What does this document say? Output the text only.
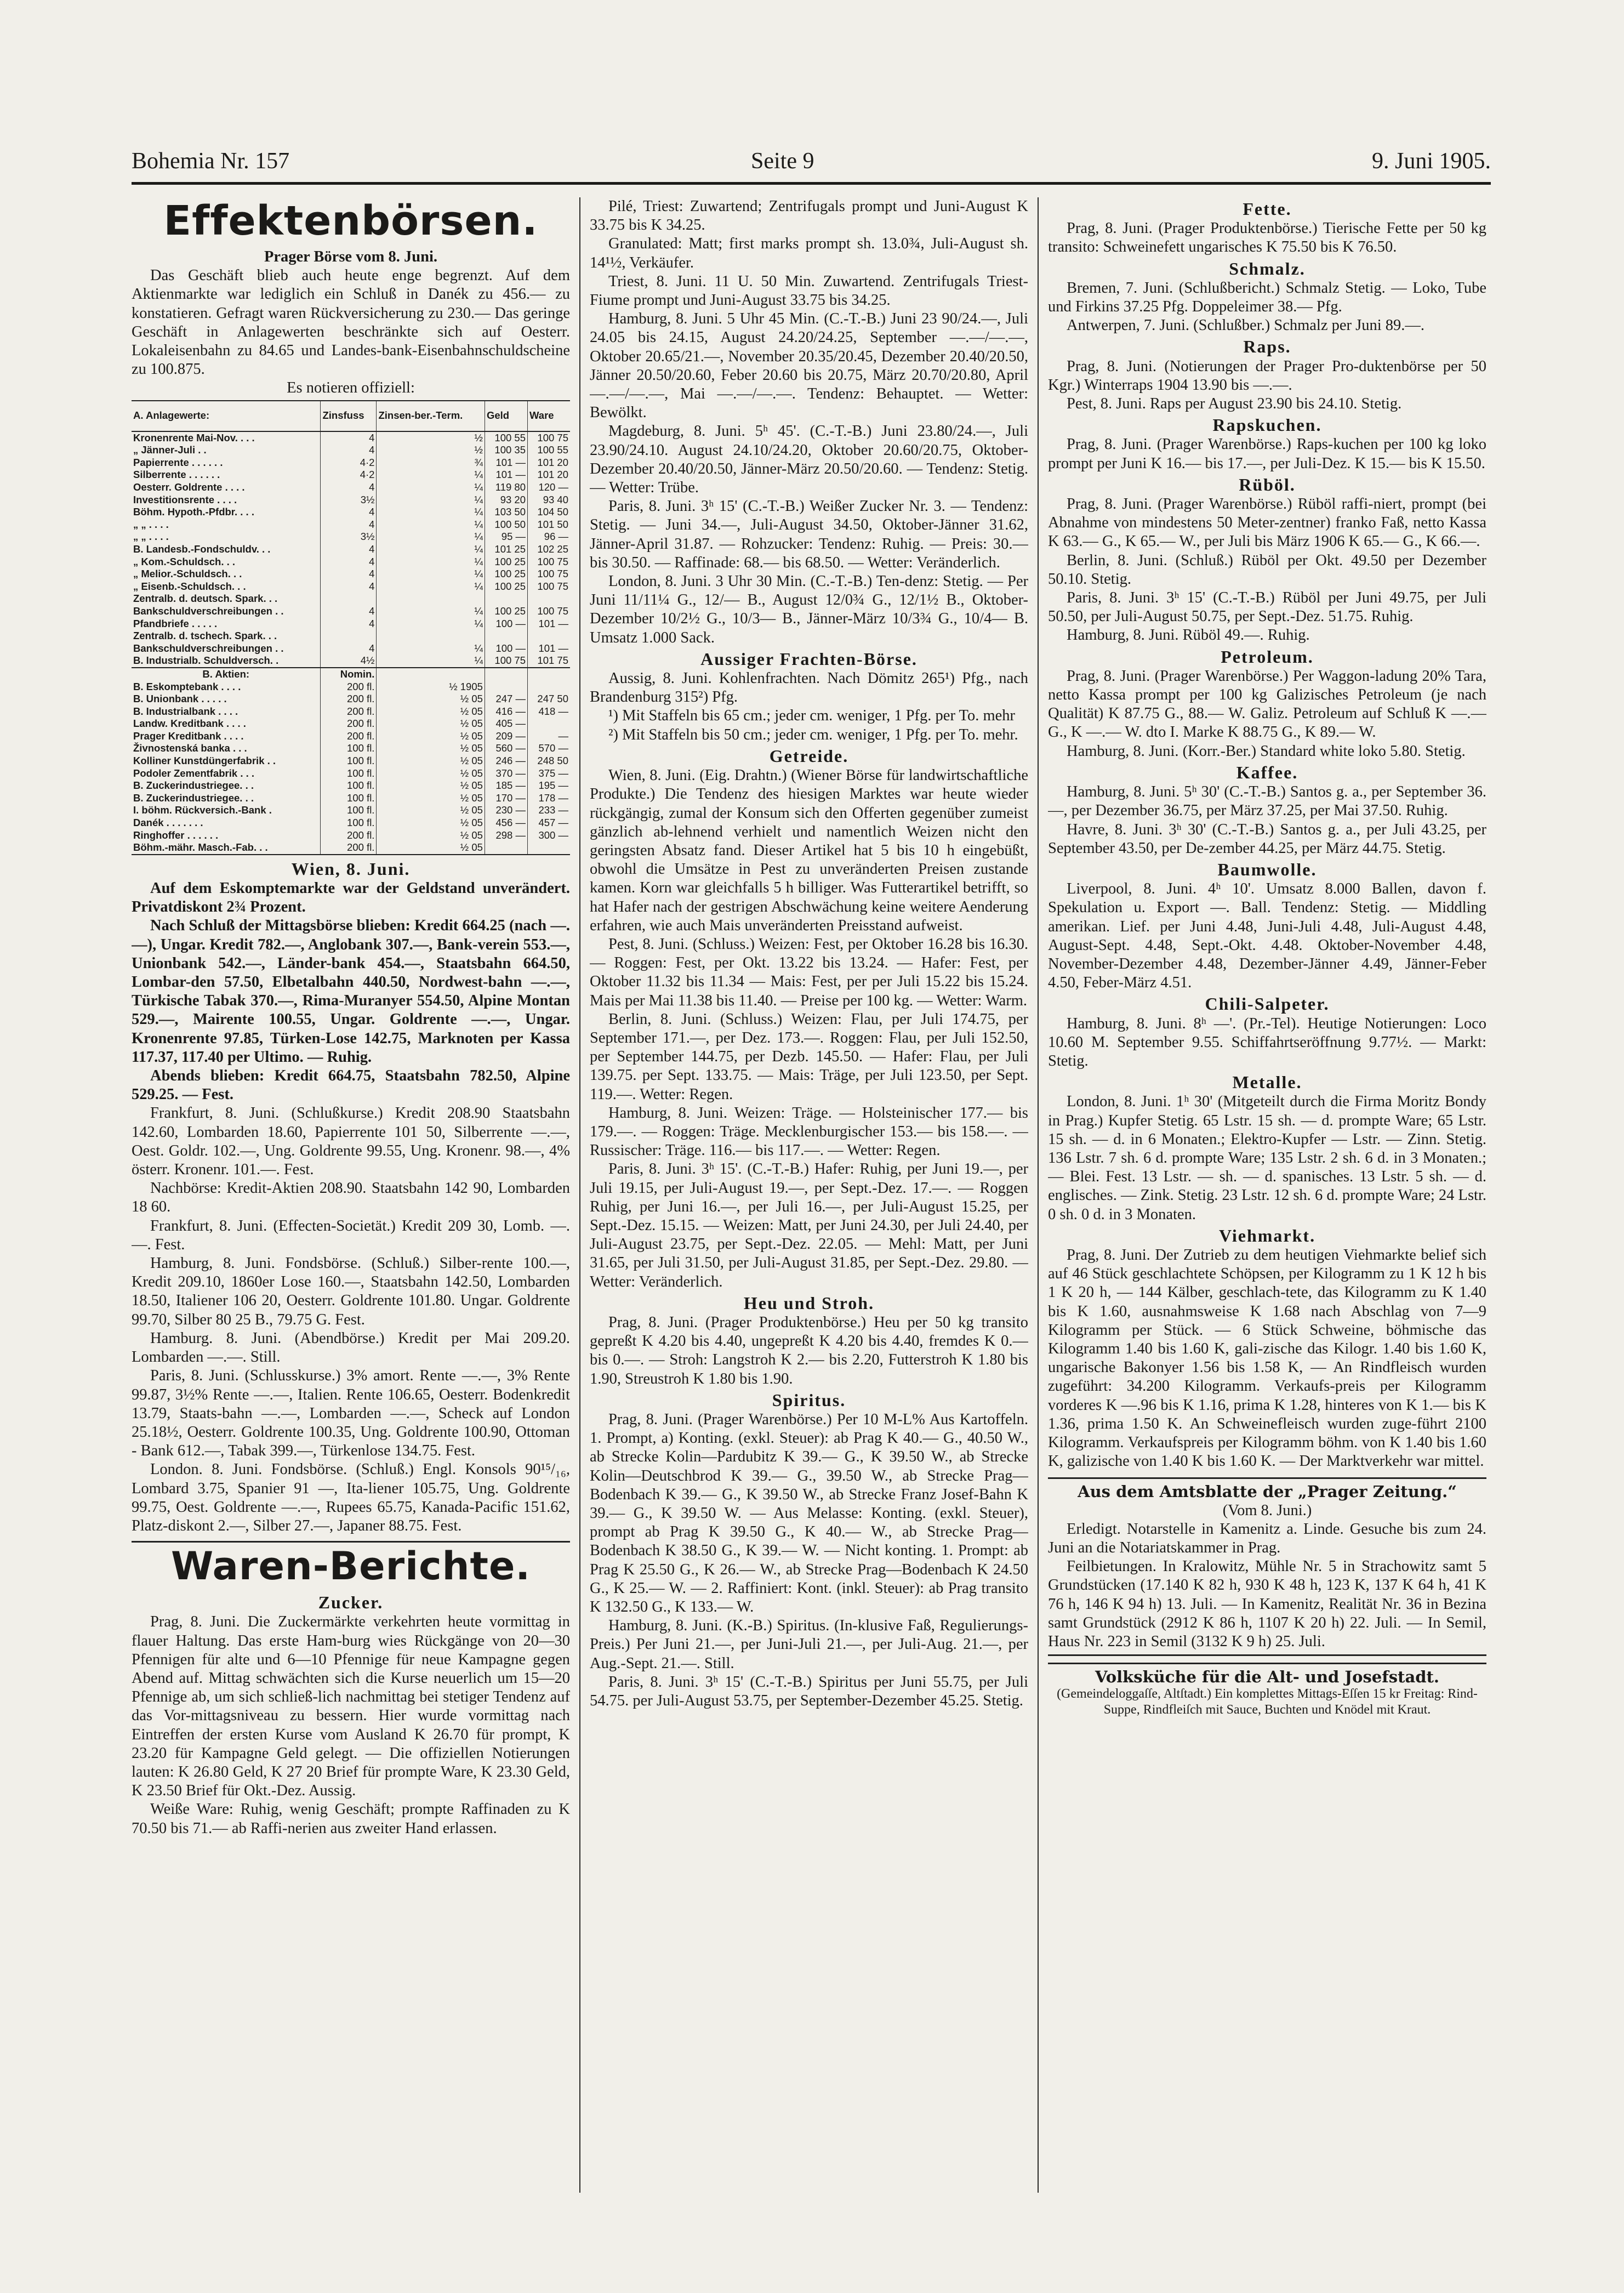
Bohemia Nr. 157	Seite 9	9. Juni 1905.
Effektenbörsen.

Prager Börse vom 8. Juni.

Das Geschäft blieb auch heute enge begrenzt. Auf dem Aktienmarkte war lediglich ein Schluß in Danék zu 456.— zu konstatieren. Gefragt waren Rückversicherung zu 230.— Das geringe Geschäft in Anlagewerten beschränkte sich auf Oesterr. Lokaleisenbahn zu 84.65 und Landes-bank-Eisenbahnschuldscheine zu 100.875.

Es notieren offiziell:

A. Anlagewerte:	Zinsfuss	Zinsen-ber.-Term.	Geld	Ware
Kronenrente Mai-Nov. . . .	4	½	100 55	100 75
„ Jänner-Juli . .	4	½	100 35	100 55
Papierrente . . . . . .	4·2	¾	101 —	101 20
Silberrente . . . . . .	4·2	¼	101 —	101 20
Oesterr. Goldrente . . . .	4	¼	119 80	120 —
Investitionsrente . . . .	3½	¼	93 20	93 40
Böhm. Hypoth.-Pfdbr. . . .	4	¼	103 50	104 50
„ „ . . . .	4	¼	100 50	101 50
„ „ . . . .	3½	¼	95 —	96 —
B. Landesb.-Fondschuldv. . .	4	¼	101 25	102 25
„ Kom.-Schuldsch. . .	4	¼	100 25	100 75
„ Melior.-Schuldsch. . .	4	¼	100 25	100 75
„ Eisenb.-Schuldsch. . .	4	¼	100 25	100 75
Zentralb. d. deutsch. Spark. . .				
Bankschuldverschreibungen . .	4	¼	100 25	100 75
Pfandbriefe . . . . .	4	¼	100 —	101 —
Zentralb. d. tschech. Spark. . .				
Bankschuldverschreibungen . .	4	¼	100 —	101 —
B. Industrialb. Schuldversch. .	4½	¼	100 75	101 75
B. Aktien:	Nomin.			
B. Eskomptebank . . . .	200 fl.	½ 1905		
B. Unionbank . . . . .	200 fl.	½ 05	247 —	247 50
B. Industrialbank . . . .	200 fl.	½ 05	416 —	418 —
Landw. Kreditbank . . . .	200 fl.	½ 05	405 —	
Prager Kreditbank . . . .	200 fl.	½ 05	209 —	—
Živnostenská banka . . .	100 fl.	½ 05	560 —	570 —
Kolliner Kunstdüngerfabrik . .	100 fl.	½ 05	246 —	248 50
Podoler Zementfabrik . . .	100 fl.	½ 05	370 —	375 —
B. Zuckerindustriegee. . .	100 fl.	½ 05	185 —	195 —
B. Zuckerindustriegee. . .	100 fl.	½ 05	170 —	178 —
I. böhm. Rückversich.-Bank .	100 fl.	½ 05	230 —	233 —
Danék . . . . . . .	100 fl.	½ 05	456 —	457 —
Ringhoffer . . . . . .	200 fl.	½ 05	298 —	300 —
Böhm.-mähr. Masch.-Fab. . .	200 fl.	½ 05		
Wien, 8. Juni.

Auf dem Eskomptemarkte war der Geldstand unverändert. Privatdiskont 2¾ Prozent.

Nach Schluß der Mittagsbörse blieben: Kredit 664.25 (nach —.—), Ungar. Kredit 782.—, Anglobank 307.—, Bank-verein 553.—, Unionbank 542.—, Länder-bank 454.—, Staatsbahn 664.50, Lombar-den 57.50, Elbetalbahn 440.50, Nordwest-bahn —.—, Türkische Tabak 370.—, Rima-Muranyer 554.50, Alpine Montan 529.—, Mairente 100.55, Ungar. Goldrente —.—, Ungar. Kronenrente 97.85, Türken-Lose 142.75, Marknoten per Kassa 117.37, 117.40 per Ultimo. — Ruhig.

Abends blieben: Kredit 664.75, Staatsbahn 782.50, Alpine 529.25. — Fest.

Frankfurt, 8. Juni. (Schlußkurse.) Kredit 208.90 Staatsbahn 142.60, Lombarden 18.60, Papierrente 101 50, Silberrente —.—, Oest. Goldr. 102.—, Ung. Goldrente 99.55, Ung. Kronenr. 98.—, 4% österr. Kronenr. 101.—. Fest.

Nachbörse: Kredit-Aktien 208.90. Staatsbahn 142 90, Lombarden 18 60.

Frankfurt, 8. Juni. (Effecten-Societät.) Kredit 209 30, Lomb. —.—. Fest.

Hamburg, 8. Juni. Fondsbörse. (Schluß.) Silber-rente 100.—, Kredit 209.10, 1860er Lose 160.—, Staatsbahn 142.50, Lombarden 18.50, Italiener 106 20, Oesterr. Goldrente 101.80. Ungar. Goldrente 99.70, Silber 80 25 B., 79.75 G. Fest.

Hamburg. 8. Juni. (Abendbörse.) Kredit per Mai 209.20. Lombarden —.—. Still.

Paris, 8. Juni. (Schlusskurse.) 3% amort. Rente —.—, 3% Rente 99.87, 3½% Rente —.—, Italien. Rente 106.65, Oesterr. Bodenkredit 13.79, Staats-bahn —.—, Lombarden —.—, Scheck auf London 25.18½, Oesterr. Goldrente 100.35, Ung. Goldrente 100.90, Ottoman - Bank 612.—, Tabak 399.—, Türkenlose 134.75. Fest.

London. 8. Juni. Fondsbörse. (Schluß.) Engl. Konsols 90¹⁵/₁₆, Lombard 3.75, Spanier 91 —, Ita-liener 105.75, Ung. Goldrente 99.75, Oest. Goldrente —.—, Rupees 65.75, Kanada-Pacific 151.62, Platz-diskont 2.—, Silber 27.—, Japaner 88.75. Fest.

Waren-Berichte.
Zucker.

Prag, 8. Juni. Die Zuckermärkte verkehrten heute vormittag in flauer Haltung. Das erste Ham-burg wies Rückgänge von 20—30 Pfennigen für alte und 6—10 Pfennige für neue Kampagne gegen Abend auf. Mittag schwächten sich die Kurse neuerlich um 15—20 Pfennige ab, um sich schließ-lich nachmittag bei stetiger Tendenz auf das Vor-mittagsniveau zu bessern. Hier wurde vormittag nach Eintreffen der ersten Kurse vom Ausland K 26.70 für prompt, K 23.20 für Kampagne Geld gelegt. — Die offiziellen Notierungen lauten: K 26.80 Geld, K 27 20 Brief für prompte Ware, K 23.30 Geld, K 23.50 Brief für Okt.-Dez. Aussig.

Weiße Ware: Ruhig, wenig Geschäft; prompte Raffinaden zu K 70.50 bis 71.— ab Raffi-nerien aus zweiter Hand erlassen.

Pilé, Triest: Zuwartend; Zentrifugals prompt und Juni-August K 33.75 bis K 34.25.

Granulated: Matt; first marks prompt sh. 13.0¾, Juli-August sh. 14¹½, Verkäufer.

Triest, 8. Juni. 11 U. 50 Min. Zuwartend. Zentrifugals Triest-Fiume prompt und Juni-August 33.75 bis 34.25.

Hamburg, 8. Juni. 5 Uhr 45 Min. (C.-T.-B.) Juni 23 90/24.—, Juli 24.05 bis 24.15, August 24.20/24.25, September —.—/—.—, Oktober 20.65/21.—, November 20.35/20.45, Dezember 20.40/20.50, Jänner 20.50/20.60, Feber 20.60 bis 20.75, März 20.70/20.80, April —.—/—.—, Mai —.—/—.—. Tendenz: Behauptet. — Wetter: Bewölkt.

Magdeburg, 8. Juni. 5ʰ 45'. (C.-T.-B.) Juni 23.80/24.—, Juli 23.90/24.10. August 24.10/24.20, Oktober 20.60/20.75, Oktober-Dezember 20.40/20.50, Jänner-März 20.50/20.60. — Tendenz: Stetig. — Wetter: Trübe.

Paris, 8. Juni. 3ʰ 15' (C.-T.-B.) Weißer Zucker Nr. 3. — Tendenz: Stetig. — Juni 34.—, Juli-August 34.50, Oktober-Jänner 31.62, Jänner-April 31.87. — Rohzucker: Tendenz: Ruhig. — Preis: 30.— bis 30.50. — Raffinade: 68.— bis 68.50. — Wetter: Veränderlich.

London, 8. Juni. 3 Uhr 30 Min. (C.-T.-B.) Ten-denz: Stetig. — Per Juni 11/11¼ G., 12/— B., August 12/0¾ G., 12/1½ B., Oktober-Dezember 10/2½ G., 10/3— B., Jänner-März 10/3¾ G., 10/4— B. Umsatz 1.000 Sack.

Aussiger Frachten-Börse.

Aussig, 8. Juni. Kohlenfrachten. Nach Dömitz 265¹) Pfg., nach Brandenburg 315²) Pfg.

¹) Mit Staffeln bis 65 cm.; jeder cm. weniger, 1 Pfg. per To. mehr

²) Mit Staffeln bis 50 cm.; jeder cm. weniger, 1 Pfg. per To. mehr.

Getreide.

Wien, 8. Juni. (Eig. Drahtn.) (Wiener Börse für landwirtschaftliche Produkte.) Die Tendenz des hiesigen Marktes war heute wieder rückgängig, zumal der Konsum sich den Offerten gegenüber zumeist gänzlich ab-lehnend verhielt und namentlich Weizen nicht den geringsten Absatz fand. Dieser Artikel hat 5 bis 10 h eingebüßt, obwohl die Umsätze in Pest zu unveränderten Preisen zustande kamen. Korn war gleichfalls 5 h billiger. Was Futterartikel betrifft, so hat Hafer nach der gestrigen Abschwächung keine weitere Aenderung erfahren, wie auch Mais unveränderten Preisstand aufweist.

Pest, 8. Juni. (Schluss.) Weizen: Fest, per Oktober 16.28 bis 16.30. — Roggen: Fest, per Okt. 13.22 bis 13.24. — Hafer: Fest, per Oktober 11.32 bis 11.34 — Mais: Fest, per per Juli 15.22 bis 15.24. Mais per Mai 11.38 bis 11.40. — Preise per 100 kg. — Wetter: Warm.

Berlin, 8. Juni. (Schluss.) Weizen: Flau, per Juli 174.75, per September 171.—, per Dez. 173.—. Roggen: Flau, per Juli 152.50, per September 144.75, per Dezb. 145.50. — Hafer: Flau, per Juli 139.75. per Sept. 133.75. — Mais: Träge, per Juli 123.50, per Sept. 119.—. Wetter: Regen.

Hamburg, 8. Juni. Weizen: Träge. — Holsteinischer 177.— bis 179.—. — Roggen: Träge. Mecklenburgischer 153.— bis 158.—. — Russischer: Träge. 116.— bis 117.—. — Wetter: Regen.

Paris, 8. Juni. 3ʰ 15'. (C.-T.-B.) Hafer: Ruhig, per Juni 19.—, per Juli 19.15, per Juli-August 19.—, per Sept.-Dez. 17.—. — Roggen Ruhig, per Juni 16.—, per Juli 16.—, per Juli-August 15.25, per Sept.-Dez. 15.15. — Weizen: Matt, per Juni 24.30, per Juli 24.40, per Juli-August 23.75, per Sept.-Dez. 22.05. — Mehl: Matt, per Juni 31.65, per Juli 31.50, per Juli-August 31.85, per Sept.-Dez. 29.80. — Wetter: Veränderlich.

Heu und Stroh.

Prag, 8. Juni. (Prager Produktenbörse.) Heu per 50 kg transito gepreßt K 4.20 bis 4.40, ungepreßt K 4.20 bis 4.40, fremdes K 0.— bis 0.—. — Stroh: Langstroh K 2.— bis 2.20, Futterstroh K 1.80 bis 1.90, Streustroh K 1.80 bis 1.90.

Spiritus.

Prag, 8. Juni. (Prager Warenbörse.) Per 10 M-L% Aus Kartoffeln. 1. Prompt, a) Konting. (exkl. Steuer): ab Prag K 40.— G., 40.50 W., ab Strecke Kolin—Pardubitz K 39.— G., K 39.50 W., ab Strecke Kolin—Deutschbrod K 39.— G., 39.50 W., ab Strecke Prag—Bodenbach K 39.— G., K 39.50 W., ab Strecke Franz Josef-Bahn K 39.— G., K 39.50 W. — Aus Melasse: Konting. (exkl. Steuer), prompt ab Prag K 39.50 G., K 40.— W., ab Strecke Prag—Bodenbach K 38.50 G., K 39.— W. — Nicht konting. 1. Prompt: ab Prag K 25.50 G., K 26.— W., ab Strecke Prag—Bodenbach K 24.50 G., K 25.— W. — 2. Raffiniert: Kont. (inkl. Steuer): ab Prag transito K 132.50 G., K 133.— W.

Hamburg, 8. Juni. (K.-B.) Spiritus. (In-klusive Faß, Regulierungs-Preis.) Per Juni 21.—, per Juni-Juli 21.—, per Juli-Aug. 21.—, per Aug.-Sept. 21.—. Still.

Paris, 8. Juni. 3ʰ 15' (C.-T.-B.) Spiritus per Juni 55.75, per Juli 54.75. per Juli-August 53.75, per September-Dezember 45.25. Stetig.

Fette.

Prag, 8. Juni. (Prager Produktenbörse.) Tierische Fette per 50 kg transito: Schweinefett ungarisches K 75.50 bis K 76.50.

Schmalz.

Bremen, 7. Juni. (Schlußbericht.) Schmalz Stetig. — Loko, Tube und Firkins 37.25 Pfg. Doppeleimer 38.— Pfg.

Antwerpen, 7. Juni. (Schlußber.) Schmalz per Juni 89.—.

Raps.

Prag, 8. Juni. (Notierungen der Prager Pro-duktenbörse per 50 Kgr.) Winterraps 1904 13.90 bis —.—.

Pest, 8. Juni. Raps per August 23.90 bis 24.10. Stetig.

Rapskuchen.

Prag, 8. Juni. (Prager Warenbörse.) Raps-kuchen per 100 kg loko prompt per Juni K 16.— bis 17.—, per Juli-Dez. K 15.— bis K 15.50.

Rüböl.

Prag, 8. Juni. (Prager Warenbörse.) Rüböl raffi-niert, prompt (bei Abnahme von mindestens 50 Meter-zentner) franko Faß, netto Kassa K 63.— G., K 65.— W., per Juli bis März 1906 K 65.— G., K 66.—.

Berlin, 8. Juni. (Schluß.) Rüböl per Okt. 49.50 per Dezember 50.10. Stetig.

Paris, 8. Juni. 3ʰ 15' (C.-T.-B.) Rüböl per Juni 49.75, per Juli 50.50, per Juli-August 50.75, per Sept.-Dez. 51.75. Ruhig.

Hamburg, 8. Juni. Rüböl 49.—. Ruhig.

Petroleum.

Prag, 8. Juni. (Prager Warenbörse.) Per Waggon-ladung 20% Tara, netto Kassa prompt per 100 kg Galizisches Petroleum (je nach Qualität) K 87.75 G., 88.— W. Galiz. Petroleum auf Schluß K —.— G., K —.— W. dto I. Marke K 88.75 G., K 89.— W.

Hamburg, 8. Juni. (Korr.-Ber.) Standard white loko 5.80. Stetig.

Kaffee.

Hamburg, 8. Juni. 5ʰ 30' (C.-T.-B.) Santos g. a., per September 36.—, per Dezember 36.75, per März 37.25, per Mai 37.50. Ruhig.

Havre, 8. Juni. 3ʰ 30' (C.-T.-B.) Santos g. a., per Juli 43.25, per September 43.50, per De-zember 44.25, per März 44.75. Stetig.

Baumwolle.

Liverpool, 8. Juni. 4ʰ 10'. Umsatz 8.000 Ballen, davon f. Spekulation u. Export —. Ball. Tendenz: Stetig. — Middling amerikan. Lief. per Juni 4.48, Juni-Juli 4.48, Juli-August 4.48, August-Sept. 4.48, Sept.-Okt. 4.48. Oktober-November 4.48, November-Dezember 4.48, Dezember-Jänner 4.49, Jänner-Feber 4.50, Feber-März 4.51.

Chili-Salpeter.

Hamburg, 8. Juni. 8ʰ —'. (Pr.-Tel). Heutige Notierungen: Loco 10.60 M. September 9.55. Schiffahrtseröffnung 9.77½. — Markt: Stetig.

Metalle.

London, 8. Juni. 1ʰ 30' (Mitgeteilt durch die Firma Moritz Bondy in Prag.) Kupfer Stetig. 65 Lstr. 15 sh. — d. prompte Ware; 65 Lstr. 15 sh. — d. in 6 Monaten.; Elektro-Kupfer — Lstr. — Zinn. Stetig. 136 Lstr. 7 sh. 6 d. prompte Ware; 135 Lstr. 2 sh. 6 d. in 3 Monaten.; — Blei. Fest. 13 Lstr. — sh. — d. spanisches. 13 Lstr. 5 sh. — d. englisches. — Zink. Stetig. 23 Lstr. 12 sh. 6 d. prompte Ware; 24 Lstr. 0 sh. 0 d. in 3 Monaten.

Viehmarkt.

Prag, 8. Juni. Der Zutrieb zu dem heutigen Viehmarkte belief sich auf 46 Stück geschlachtete Schöpsen, per Kilogramm zu 1 K 12 h bis 1 K 20 h, — 144 Kälber, geschlach-tete, das Kilogramm zu K 1.40 bis K 1.60, ausnahmsweise K 1.68 nach Abschlag von 7—9 Kilogramm per Stück. — 6 Stück Schweine, böhmische das Kilogramm 1.40 bis 1.60 K, gali-zische das Kilogr. 1.40 bis 1.60 K, ungarische Bakonyer 1.56 bis 1.58 K, — An Rindfleisch wurden zugeführt: 34.200 Kilogramm. Verkaufs-preis per Kilogramm vorderes K —.96 bis K 1.16, prima K 1.28, hinteres von K 1.— bis K 1.36, prima 1.50 K. An Schweinefleisch wurden zuge-führt 2100 Kilogramm. Verkaufspreis per Kilogramm böhm. von K 1.40 bis 1.60 K, galizische von 1.40 K bis 1.60 K. — Der Marktverkehr war mittel.

Aus dem Amtsblatte der „Prager Zeitung.“

(Vom 8. Juni.)

Erledigt. Notarstelle in Kamenitz a. Linde. Gesuche bis zum 24. Juni an die Notariatskammer in Prag.

Feilbietungen. In Kralowitz, Mühle Nr. 5 in Strachowitz samt 5 Grundstücken (17.140 K 82 h, 930 K 48 h, 123 K, 137 K 64 h, 41 K 76 h, 146 K 94 h) 13. Juli. — In Kamenitz, Realität Nr. 36 in Bezina samt Grundstück (2912 K 86 h, 1107 K 20 h) 22. Juli. — In Semil, Haus Nr. 223 in Semil (3132 K 9 h) 25. Juli.

Volksküche für die Alt- und Josefstadt.

(Gemeindeloggaſſe, Altſtadt.) Ein komplettes Mittags-Eſſen 15 kr Freitag: Rind-Suppe, Rindfleiſch mit Sauce, Buchten und Knödel mit Kraut.
